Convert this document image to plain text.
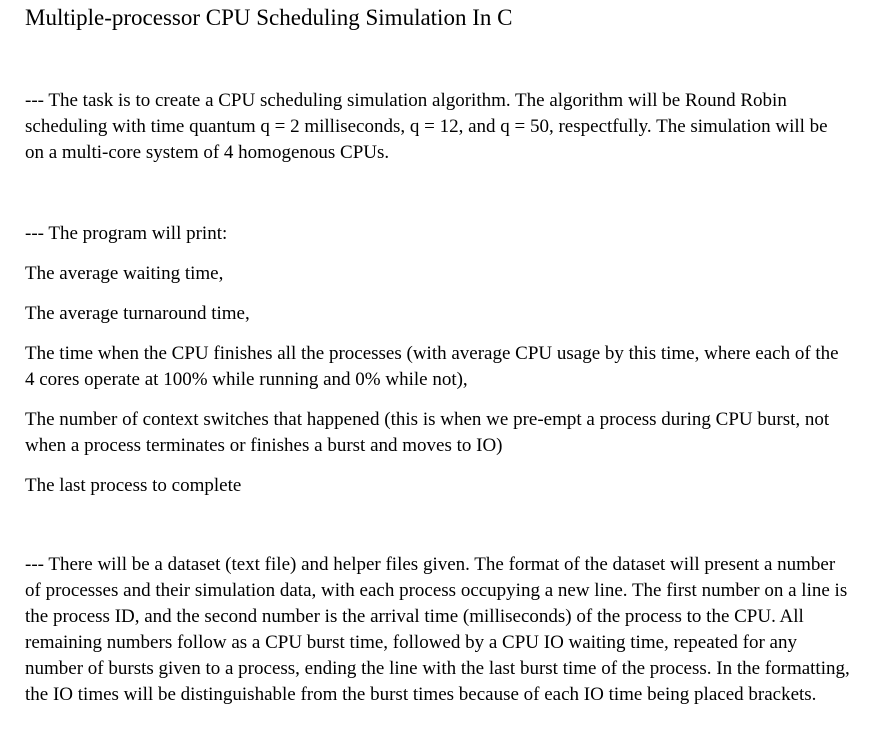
Multiple-processor CPU Scheduling Simulation In C

--- The task is to create a CPU scheduling simulation algorithm. The algorithm will be Round Robin scheduling with time quantum q = 2 milliseconds, q = 12, and q = 50, respectfully. The simulation will be on a multi-core system of 4 homogenous CPUs.

--- The program will print:

The average waiting time,

The average turnaround time,

The time when the CPU finishes all the processes (with average CPU usage by this time, where each of the 4 cores operate at 100% while running and 0% while not),

The number of context switches that happened (this is when we pre-empt a process during CPU burst, not when a process terminates or finishes a burst and moves to IO)

The last process to complete

--- There will be a dataset (text file) and helper files given. The format of the dataset will present a number of processes and their simulation data, with each process occupying a new line. The first number on a line is the process ID, and the second number is the arrival time (milliseconds) of the process to the CPU. All remaining numbers follow as a CPU burst time, followed by a CPU IO waiting time, repeated for any number of bursts given to a process, ending the line with the last burst time of the process. In the formatting, the IO times will be distinguishable from the burst times because of each IO time being placed brackets.
